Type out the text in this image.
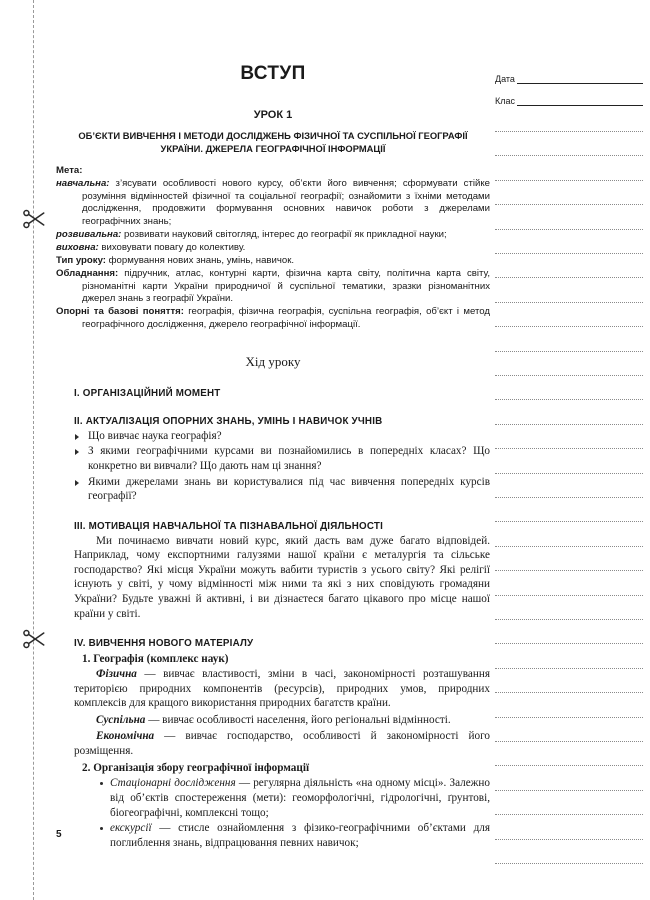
ВСТУП
УРОК 1
ОБ’ЄКТИ ВИВЧЕННЯ І МЕТОДИ ДОСЛІДЖЕНЬ ФІЗИЧНОЇ ТА СУСПІЛЬНОЇ ГЕОГРАФІЇ УКРАЇНИ. ДЖЕРЕЛА ГЕОГРАФІЧНОЇ ІНФОРМАЦІЇ
Мета:
навчальна: з’ясувати особливості нового курсу, об’єкти його вивчення; сформувати стійке розуміння відмінностей фізичної та соціальної географії; ознайомити з їхніми методами дослідження, продовжити формування основних навичок роботи з джерелами географічних знань;
розвивальна: розвивати науковий світогляд, інтерес до географії як прикладної науки;
виховна: виховувати повагу до колективу.
Тип уроку: формування нових знань, умінь, навичок.
Обладнання: підручник, атлас, контурні карти, фізична карта світу, політична карта світу, різноманітні карти України природничої й суспільної тематики, зразки різноманітних джерел знань з географії України.
Опорні та базові поняття: географія, фізична географія, суспільна географія, об’єкт і метод географічного дослідження, джерело географічної інформації.
Хід уроку
I. ОРГАНІЗАЦІЙНИЙ МОМЕНТ
II. АКТУАЛІЗАЦІЯ ОПОРНИХ ЗНАНЬ, УМІНЬ І НАВИЧОК УЧНІВ
Що вивчає наука географія?
З якими географічними курсами ви познайомились в попередніх класах? Що конкретно ви вивчали? Що дають нам ці знання?
Якими джерелами знань ви користувалися під час вивчення попередніх курсів географії?
III. МОТИВАЦІЯ НАВЧАЛЬНОЇ ТА ПІЗНАВАЛЬНОЇ ДІЯЛЬНОСТІ
Ми починаємо вивчати новий курс, який дасть вам дуже багато відповідей. Наприклад, чому експортними галузями нашої країни є металургія та сільське господарство? Які місця України можуть вабити туристів з усього світу? Які релігії існують у світі, у чому відмінності між ними та які з них сповідують громадяни України? Будьте уважні й активні, і ви дізнаєтеся багато цікавого про місце нашої країни у світі.
IV. ВИВЧЕННЯ НОВОГО МАТЕРІАЛУ
1. Географія (комплекс наук)
Фізична — вивчає властивості, зміни в часі, закономірності розташування територією природних компонентів (ресурсів), природних умов, природних комплексів для кращого використання природних багатств країни.
Суспільна — вивчає особливості населення, його регіональні відмінності.
Економічна — вивчає господарство, особливості й закономірності його розміщення.
2. Організація збору географічної інформації
Стаціонарні дослідження — регулярна діяльність «на одному місці». Залежно від об’єктів спостереження (мети): геоморфологічні, гідрологічні, ґрунтові, біогеографічні, комплексні тощо;
екскурсії — стисле ознайомлення з фізико-географічними об’єктами для поглиблення знань, відпрацювання певних навичок;
5
Дата
Клас
